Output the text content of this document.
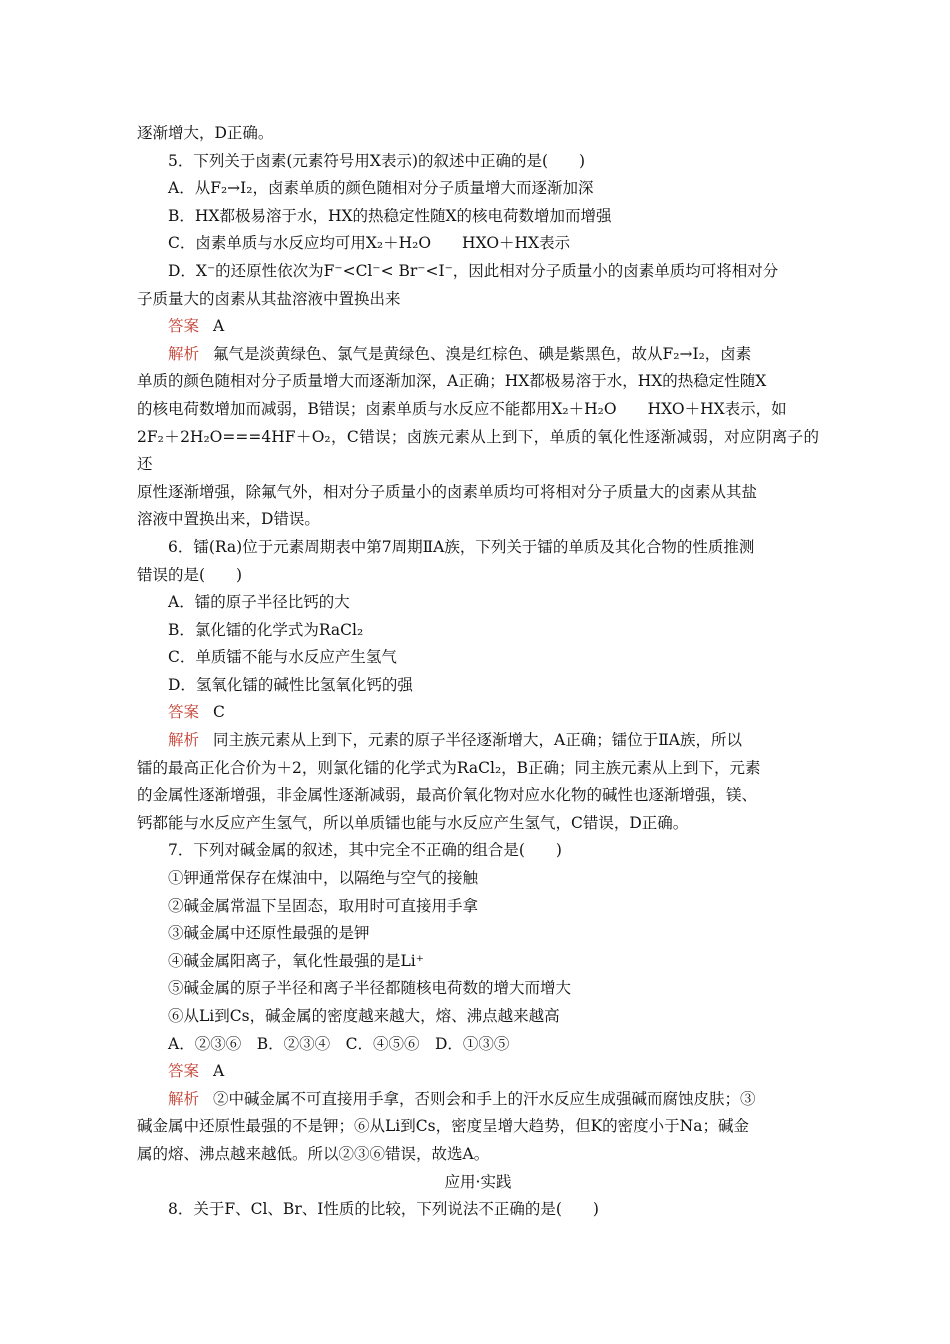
逐渐增大，D正确。

5．下列关于卤素(元素符号用X表示)的叙述中正确的是(　　)

A．从F₂→I₂，卤素单质的颜色随相对分子质量增大而逐渐加深

B．HX都极易溶于水，HX的热稳定性随X的核电荷数增加而增强

C．卤素单质与水反应均可用X₂＋H₂O　　HXO＋HX表示

D．X⁻的还原性依次为F⁻<Cl⁻< Br⁻<I⁻，因此相对分子质量小的卤素单质均可将相对分

子质量大的卤素从其盐溶液中置换出来

答案 A

解析 氟气是淡黄绿色、氯气是黄绿色、溴是红棕色、碘是紫黑色，故从F₂→I₂，卤素

单质的颜色随相对分子质量增大而逐渐加深，A正确；HX都极易溶于水，HX的热稳定性随X

的核电荷数增加而减弱，B错误；卤素单质与水反应不能都用X₂＋H₂O　　HXO＋HX表示，如

2F₂＋2H₂O===4HF＋O₂，C错误；卤族元素从上到下，单质的氧化性逐渐减弱，对应阴离子的还

原性逐渐增强，除氟气外，相对分子质量小的卤素单质均可将相对分子质量大的卤素从其盐

溶液中置换出来，D错误。

6．镭(Ra)位于元素周期表中第7周期ⅡA族，下列关于镭的单质及其化合物的性质推测

错误的是(　　)

A．镭的原子半径比钙的大

B．氯化镭的化学式为RaCl₂

C．单质镭不能与水反应产生氢气

D．氢氧化镭的碱性比氢氧化钙的强

答案 C

解析 同主族元素从上到下，元素的原子半径逐渐增大，A正确；镭位于ⅡA族，所以

镭的最高正化合价为＋2，则氯化镭的化学式为RaCl₂，B正确；同主族元素从上到下，元素

的金属性逐渐增强，非金属性逐渐减弱，最高价氧化物对应水化物的碱性也逐渐增强，镁、

钙都能与水反应产生氢气，所以单质镭也能与水反应产生氢气，C错误，D正确。

7．下列对碱金属的叙述，其中完全不正确的组合是(　　)

①钾通常保存在煤油中，以隔绝与空气的接触

②碱金属常温下呈固态，取用时可直接用手拿

③碱金属中还原性最强的是钾

④碱金属阳离子，氧化性最强的是Li⁺

⑤碱金属的原子半径和离子半径都随核电荷数的增大而增大

⑥从Li到Cs，碱金属的密度越来越大，熔、沸点越来越高

A．②③⑥　B．②③④　C．④⑤⑥　D．①③⑤

答案 A

解析 ②中碱金属不可直接用手拿，否则会和手上的汗水反应生成强碱而腐蚀皮肤；③

碱金属中还原性最强的不是钾；⑥从Li到Cs，密度呈增大趋势，但K的密度小于Na；碱金

属的熔、沸点越来越低。所以②③⑥错误，故选A。

应用·实践

8．关于F、Cl、Br、I性质的比较，下列说法不正确的是(　　)
